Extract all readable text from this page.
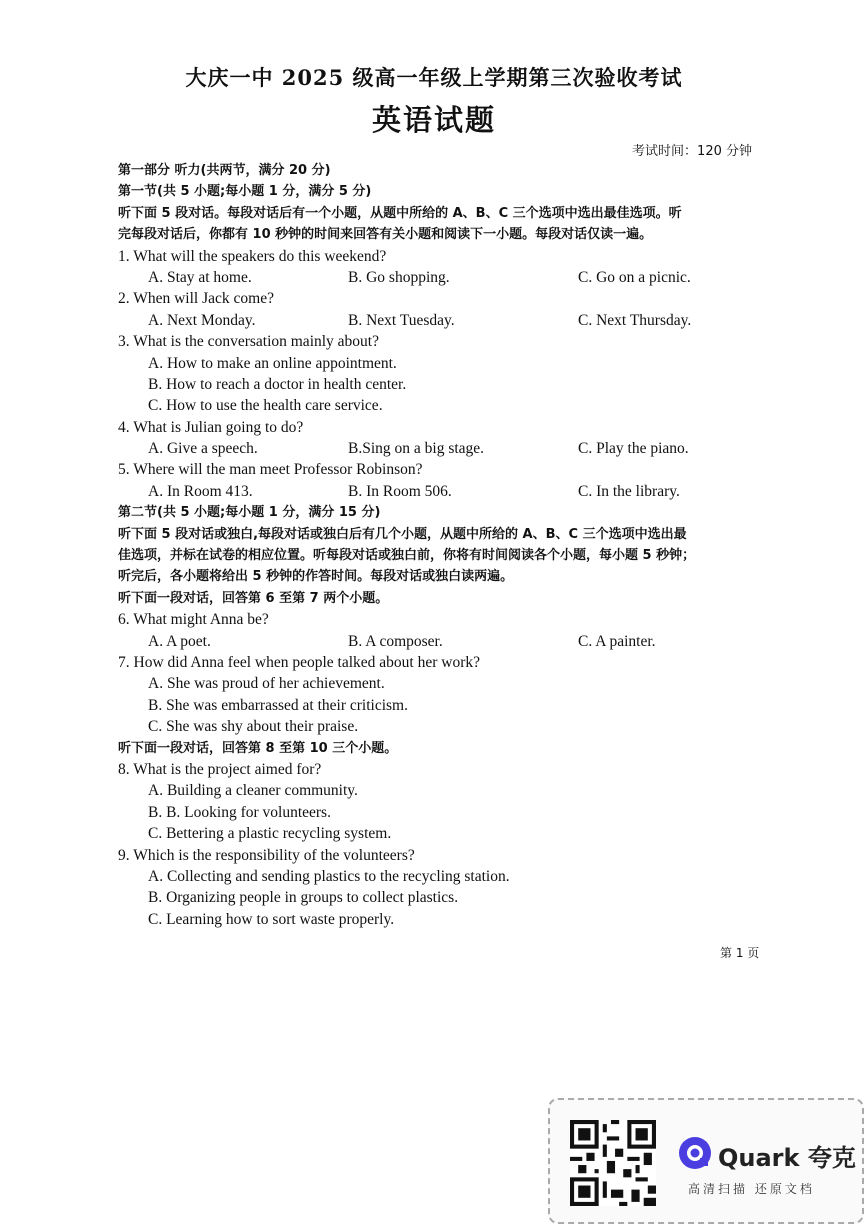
大庆一中 2025 级高一年级上学期第三次验收考试
英语试题
考试时间：120 分钟
第一部分 听力(共两节，满分 20 分)
第一节(共 5 小题;每小题 1 分，满分 5 分)
听下面 5 段对话。每段对话后有一个小题，从题中所给的 A、B、C 三个选项中选出最佳选项。听
完每段对话后，你都有 10 秒钟的时间来回答有关小题和阅读下一小题。每段对话仅读一遍。
1. What will the speakers do this weekend?
A. Stay at home.	B. Go shopping.	C. Go on a picnic.
2. When will Jack come?
A. Next Monday.	B. Next Tuesday.	C. Next Thursday.
3. What is the conversation mainly about?
A. How to make an online appointment.
B. How to reach a doctor in health center.
C. How to use the health care service.
4. What is Julian going to do?
A. Give a speech.	B.Sing on a big stage.	C. Play the piano.
5. Where will the man meet Professor Robinson?
A. In Room 413.	B. In Room 506.	C. In the library.
第二节(共 5 小题;每小题 1 分，满分 15 分)
听下面 5 段对话或独白,每段对话或独白后有几个小题，从题中所给的 A、B、C 三个选项中选出最
佳选项，并标在试卷的相应位置。听每段对话或独白前，你将有时间阅读各个小题，每小题 5 秒钟；
听完后，各小题将给出 5 秒钟的作答时间。每段对话或独白读两遍。
听下面一段对话，回答第 6 至第 7 两个小题。
6. What might Anna be?
A. A poet.	B. A composer.	C. A painter.
7. How did Anna feel when people talked about her work?
A. She was proud of her achievement.
B. She was embarrassed at their criticism.
C. She was shy about their praise.
听下面一段对话，回答第 8 至第 10 三个小题。
8. What is the project aimed for?
A. Building a cleaner community.
B. B. Looking for volunteers.
C. Bettering a plastic recycling system.
9. Which is the responsibility of the volunteers?
A. Collecting and sending plastics to the recycling station.
B. Organizing people in groups to collect plastics.
C. Learning how to sort waste properly.
第 1 页
Quark 夸克
高清扫描 还原文档
